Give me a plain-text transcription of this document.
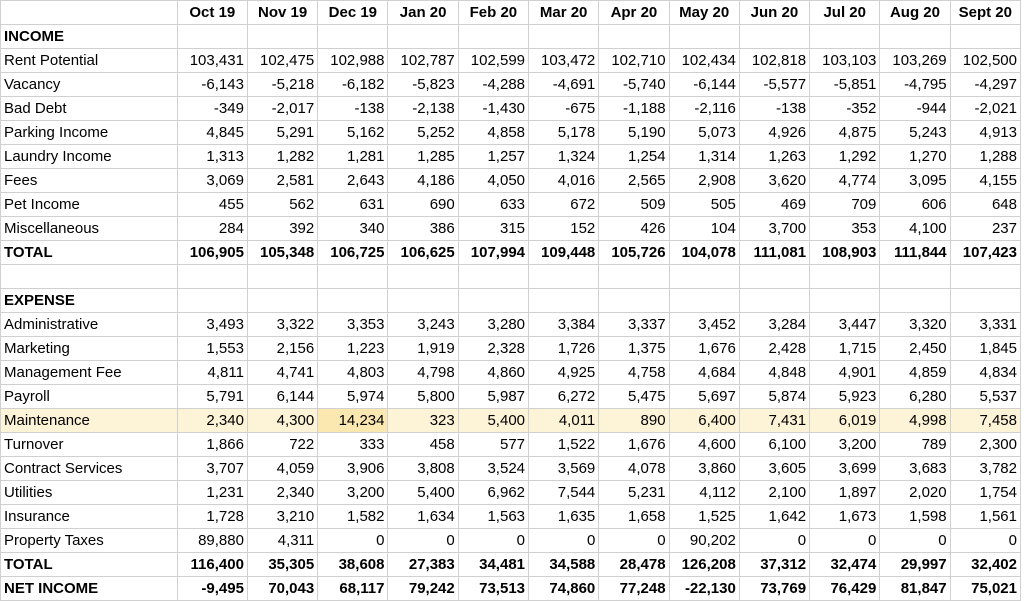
	Oct 19	Nov 19	Dec 19	Jan 20	Feb 20	Mar 20	Apr 20	May 20	Jun 20	Jul 20	Aug 20	Sept 20
INCOME												
Rent Potential	103,431	102,475	102,988	102,787	102,599	103,472	102,710	102,434	102,818	103,103	103,269	102,500
Vacancy	-6,143	-5,218	-6,182	-5,823	-4,288	-4,691	-5,740	-6,144	-5,577	-5,851	-4,795	-4,297
Bad Debt	-349	-2,017	-138	-2,138	-1,430	-675	-1,188	-2,116	-138	-352	-944	-2,021
Parking Income	4,845	5,291	5,162	5,252	4,858	5,178	5,190	5,073	4,926	4,875	5,243	4,913
Laundry Income	1,313	1,282	1,281	1,285	1,257	1,324	1,254	1,314	1,263	1,292	1,270	1,288
Fees	3,069	2,581	2,643	4,186	4,050	4,016	2,565	2,908	3,620	4,774	3,095	4,155
Pet Income	455	562	631	690	633	672	509	505	469	709	606	648
Miscellaneous	284	392	340	386	315	152	426	104	3,700	353	4,100	237
TOTAL	106,905	105,348	106,725	106,625	107,994	109,448	105,726	104,078	111,081	108,903	111,844	107,423

EXPENSE												
Administrative	3,493	3,322	3,353	3,243	3,280	3,384	3,337	3,452	3,284	3,447	3,320	3,331
Marketing	1,553	2,156	1,223	1,919	2,328	1,726	1,375	1,676	2,428	1,715	2,450	1,845
Management Fee	4,811	4,741	4,803	4,798	4,860	4,925	4,758	4,684	4,848	4,901	4,859	4,834
Payroll	5,791	6,144	5,974	5,800	5,987	6,272	5,475	5,697	5,874	5,923	6,280	5,537
Maintenance	2,340	4,300	14,234	323	5,400	4,011	890	6,400	7,431	6,019	4,998	7,458
Turnover	1,866	722	333	458	577	1,522	1,676	4,600	6,100	3,200	789	2,300
Contract Services	3,707	4,059	3,906	3,808	3,524	3,569	4,078	3,860	3,605	3,699	3,683	3,782
Utilities	1,231	2,340	3,200	5,400	6,962	7,544	5,231	4,112	2,100	1,897	2,020	1,754
Insurance	1,728	3,210	1,582	1,634	1,563	1,635	1,658	1,525	1,642	1,673	1,598	1,561
Property Taxes	89,880	4,311	0	0	0	0	0	90,202	0	0	0	0
TOTAL	116,400	35,305	38,608	27,383	34,481	34,588	28,478	126,208	37,312	32,474	29,997	32,402
NET INCOME	-9,495	70,043	68,117	79,242	73,513	74,860	77,248	-22,130	73,769	76,429	81,847	75,021
